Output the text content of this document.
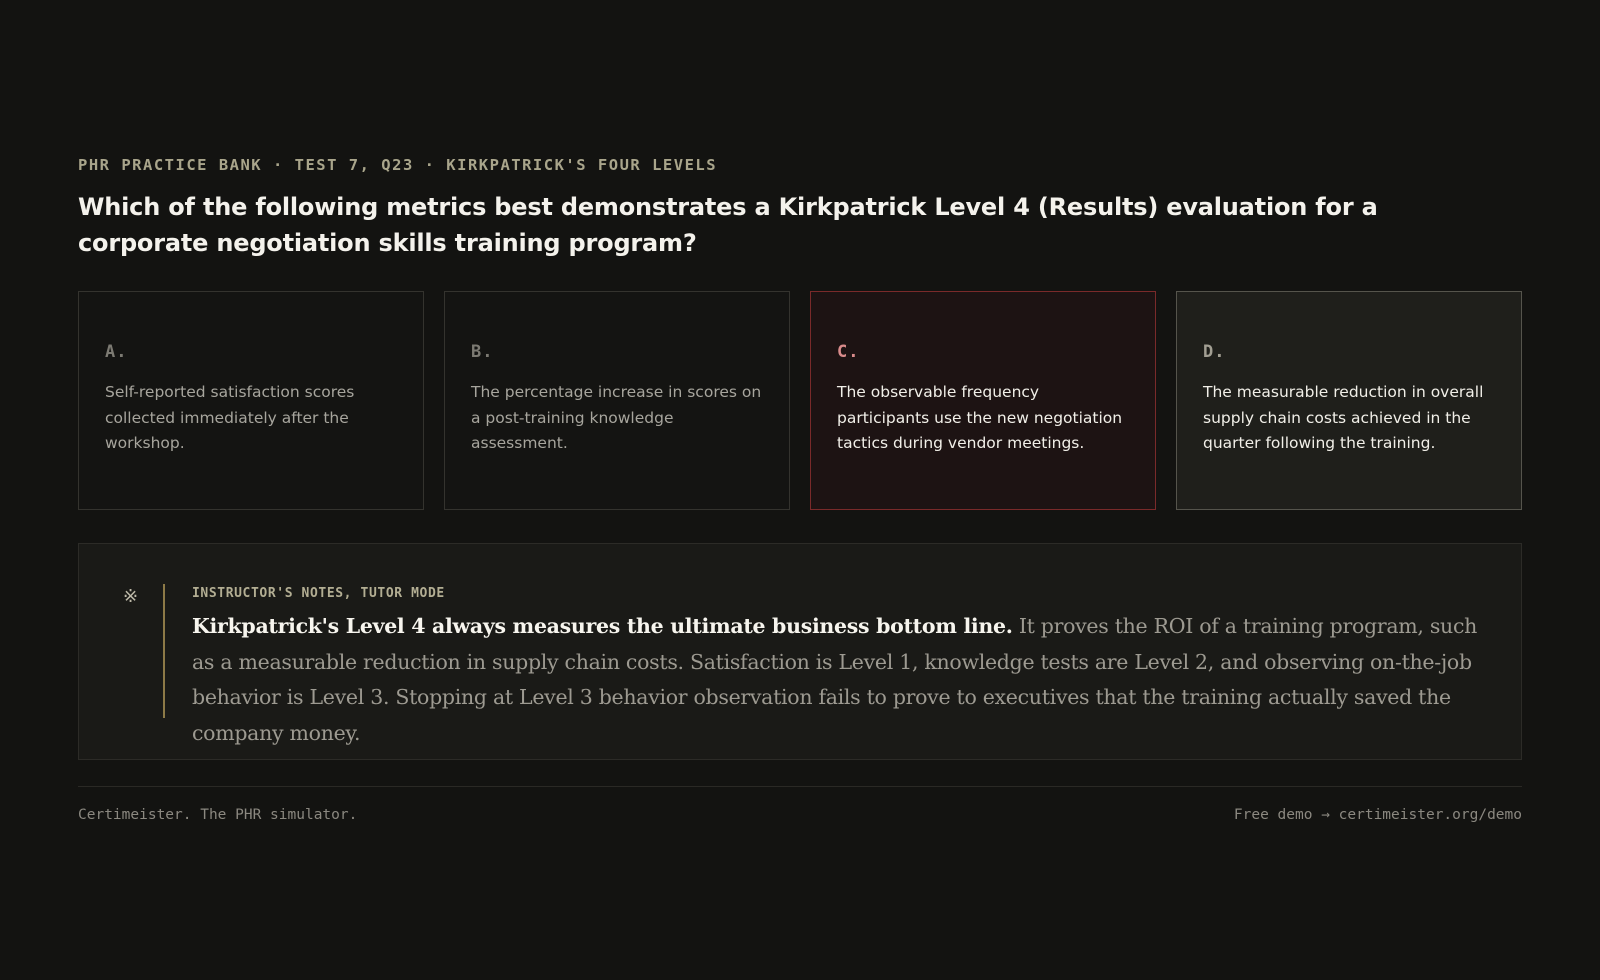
PHR PRACTICE BANK · TEST 7, Q23 · KIRKPATRICK'S FOUR LEVELS
Which of the following metrics best demonstrates a Kirkpatrick Level 4 (Results) evaluation for a corporate negotiation skills training program?
A.
Self-reported satisfaction scores collected immediately after the workshop.
B.
The percentage increase in scores on a post-training knowledge assessment.
C.
The observable frequency participants use the new negotiation tactics during vendor meetings.
D.
The measurable reduction in overall supply chain costs achieved in the quarter following the training.
※	INSTRUCTOR'S NOTES, TUTOR MODE
Kirkpatrick's Level 4 always measures the ultimate business bottom line. It proves the ROI of a training program, such as a measurable reduction in supply chain costs. Satisfaction is Level 1, knowledge tests are Level 2, and observing on-the-job behavior is Level 3. Stopping at Level 3 behavior observation fails to prove to executives that the training actually saved the company money.
Certimeister. The PHR simulator.	Free demo → certimeister.org/demo
